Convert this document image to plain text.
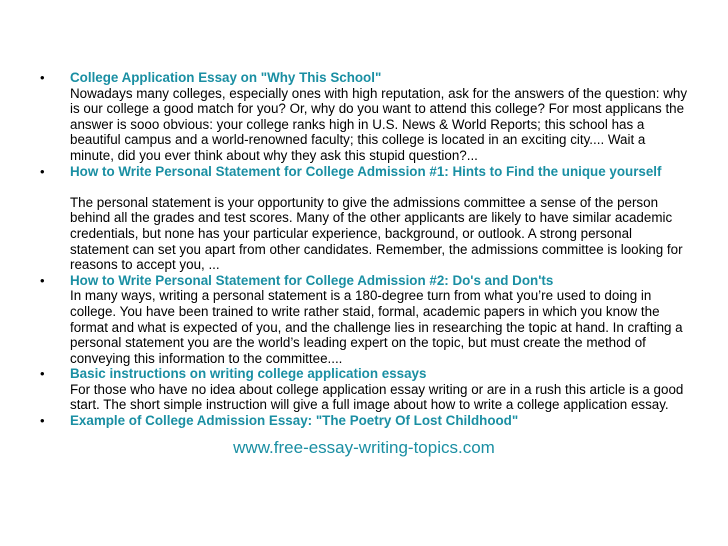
• College Application Essay on "Why This School"
Nowadays many colleges, especially ones with high reputation, ask for the answers of the question: why is our college a good match for you? Or, why do you want to attend this college? For most applicans the answer is sooo obvious: your college ranks high in U.S. News & World Reports; this school has a beautiful campus and a world-renowned faculty; this college is located in an exciting city.... Wait a minute, did you ever think about why they ask this stupid question?...
• How to Write Personal Statement for College Admission #1: Hints to Find the unique yourself
The personal statement is your opportunity to give the admissions committee a sense of the person behind all the grades and test scores. Many of the other applicants are likely to have similar academic credentials, but none has your particular experience, background, or outlook. A strong personal statement can set you apart from other candidates. Remember, the admissions committee is looking for reasons to accept you, ...
• How to Write Personal Statement for College Admission #2: Do's and Don'ts
In many ways, writing a personal statement is a 180-degree turn from what you’re used to doing in college. You have been trained to write rather staid, formal, academic papers in which you know the format and what is expected of you, and the challenge lies in researching the topic at hand. In crafting a personal statement you are the world’s leading expert on the topic, but must create the method of conveying this information to the committee....
• Basic instructions on writing college application essays
For those who have no idea about college application essay writing or are in a rush this article is a good start. The short simple instruction will give a full image about how to write a college application essay.
• Example of College Admission Essay: "The Poetry Of Lost Childhood"
www.free-essay-writing-topics.com
